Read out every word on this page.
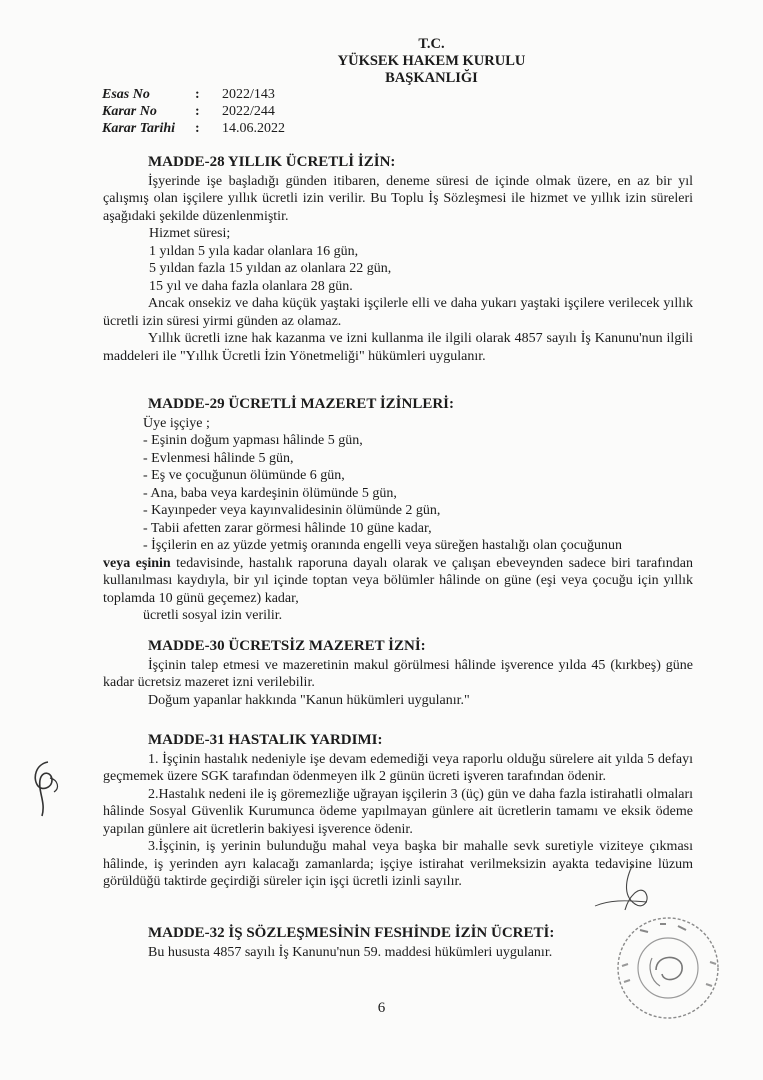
T.C.
YÜKSEK HAKEM KURULU
BAŞKANLIĞI
Esas No	:	2022/143
Karar No	:	2022/244
Karar Tarihi	:	14.06.2022
MADDE-28 YILLIK ÜCRETLİ İZİN:

İşyerinde işe başladığı günden itibaren, deneme süresi de içinde olmak üzere, en az bir yıl çalışmış olan işçilere yıllık ücretli izin verilir. Bu Toplu İş Sözleşmesi ile hizmet ve yıllık izin süreleri aşağıdaki şekilde düzenlenmiştir.

Hizmet süresi;

1 yıldan 5 yıla kadar olanlara 16 gün,

5 yıldan fazla 15 yıldan az olanlara 22 gün,

15 yıl ve daha fazla olanlara 28 gün.

Ancak onsekiz ve daha küçük yaştaki işçilerle elli ve daha yukarı yaştaki işçilere verilecek yıllık ücretli izin süresi yirmi günden az olamaz.

Yıllık ücretli izne hak kazanma ve izni kullanma ile ilgili olarak 4857 sayılı İş Kanunu'nun ilgili maddeleri ile "Yıllık Ücretli İzin Yönetmeliği" hükümleri uygulanır.

MADDE-29 ÜCRETLİ MAZERET İZİNLERİ:

Üye işçiye ;

- Eşinin doğum yapması hâlinde 5 gün,

- Evlenmesi hâlinde 5 gün,

- Eş ve çocuğunun ölümünde 6 gün,

- Ana, baba veya kardeşinin ölümünde 5 gün,

- Kayınpeder veya kayınvalidesinin ölümünde 2 gün,

- Tabii afetten zarar görmesi hâlinde 10 güne kadar,

- İşçilerin en az yüzde yetmiş oranında engelli veya süreğen hastalığı olan çocuğunun

veya eşinin tedavisinde, hastalık raporuna dayalı olarak ve çalışan ebeveynden sadece biri tarafından kullanılması kaydıyla, bir yıl içinde toptan veya bölümler hâlinde on güne (eşi veya çocuğu için yıllık toplamda 10 günü geçemez) kadar,

ücretli sosyal izin verilir.

MADDE-30 ÜCRETSİZ MAZERET İZNİ:

İşçinin talep etmesi ve mazeretinin makul görülmesi hâlinde işverence yılda 45 (kırkbeş) güne kadar ücretsiz mazeret izni verilebilir.

Doğum yapanlar hakkında "Kanun hükümleri uygulanır."

MADDE-31 HASTALIK YARDIMI:

1. İşçinin hastalık nedeniyle işe devam edemediği veya raporlu olduğu sürelere ait yılda 5 defayı geçmemek üzere SGK tarafından ödenmeyen ilk 2 günün ücreti işveren tarafından ödenir.

2.Hastalık nedeni ile iş göremezliğe uğrayan işçilerin 3 (üç) gün ve daha fazla istirahatli olmaları hâlinde Sosyal Güvenlik Kurumunca ödeme yapılmayan günlere ait ücretlerin tamamı ve eksik ödeme yapılan günlere ait ücretlerin bakiyesi işverence ödenir.

3.İşçinin, iş yerinin bulunduğu mahal veya başka bir mahalle sevk suretiyle viziteye çıkması hâlinde, iş yerinden ayrı kalacağı zamanlarda; işçiye istirahat verilmeksizin ayakta tedavisine lüzum görüldüğü taktirde geçirdiği süreler için işçi ücretli izinli sayılır.

MADDE-32 İŞ SÖZLEŞMESİNİN FESHİNDE İZİN ÜCRETİ:

Bu hususta 4857 sayılı İş Kanunu'nun 59. maddesi hükümleri uygulanır.

6
